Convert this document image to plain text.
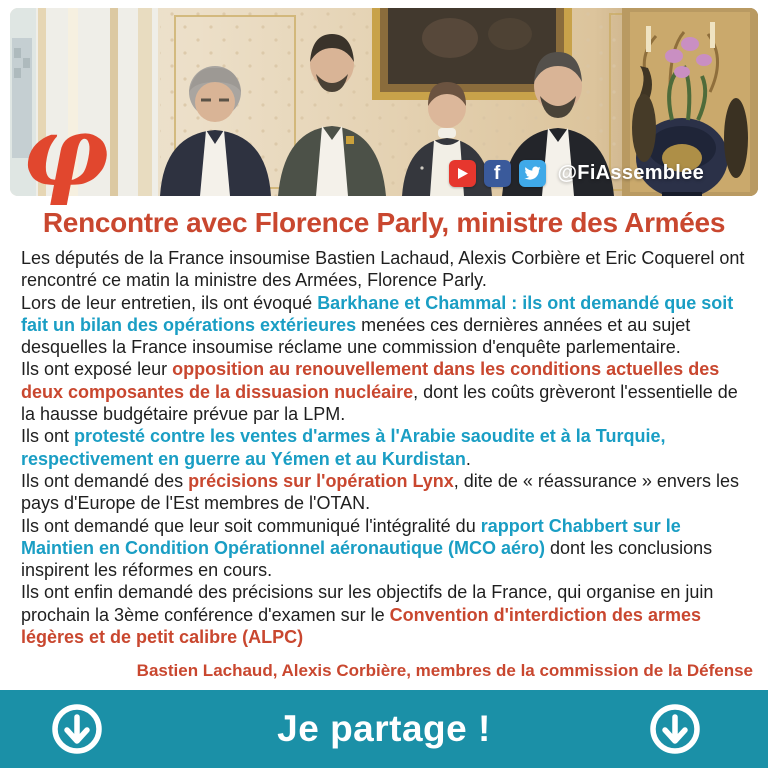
f	@FiAssemblee
φ
Rencontre avec Florence Parly, ministre des Armées

Les députés de la France insoumise Bastien Lachaud, Alexis Corbière et Eric Coquerel ont rencontré ce matin la ministre des Armées, Florence Parly.

Lors de leur entretien, ils ont évoqué Barkhane et Chammal : ils ont demandé que soit fait un bilan des opérations extérieures menées ces dernières années et au sujet desquelles la France insoumise réclame une commission d'enquête parlementaire.

Ils ont exposé leur opposition au renouvellement dans les conditions actuelles des deux composantes de la dissuasion nucléaire, dont les coûts grèveront l'essentielle de la hausse budgétaire prévue par la LPM.

Ils ont protesté contre les ventes d'armes à l'Arabie saoudite et à la Turquie, respectivement en guerre au Yémen et au Kurdistan.

Ils ont demandé des précisions sur l'opération Lynx, dite de « réassurance » envers les pays d'Europe de l'Est membres de l'OTAN.

Ils ont demandé que leur soit communiqué l'intégralité du rapport Chabbert sur le Maintien en Condition Opérationnel aéronautique (MCO aéro) dont les conclusions inspirent les réformes en cours.

Ils ont enfin demandé des précisions sur les objectifs de la France, qui organise en juin prochain la 3ème conférence d'examen sur le Convention d'interdiction des armes légères et de petit calibre (ALPC)

Bastien Lachaud, Alexis Corbière, membres de la commission de la Défense
Je partage !
